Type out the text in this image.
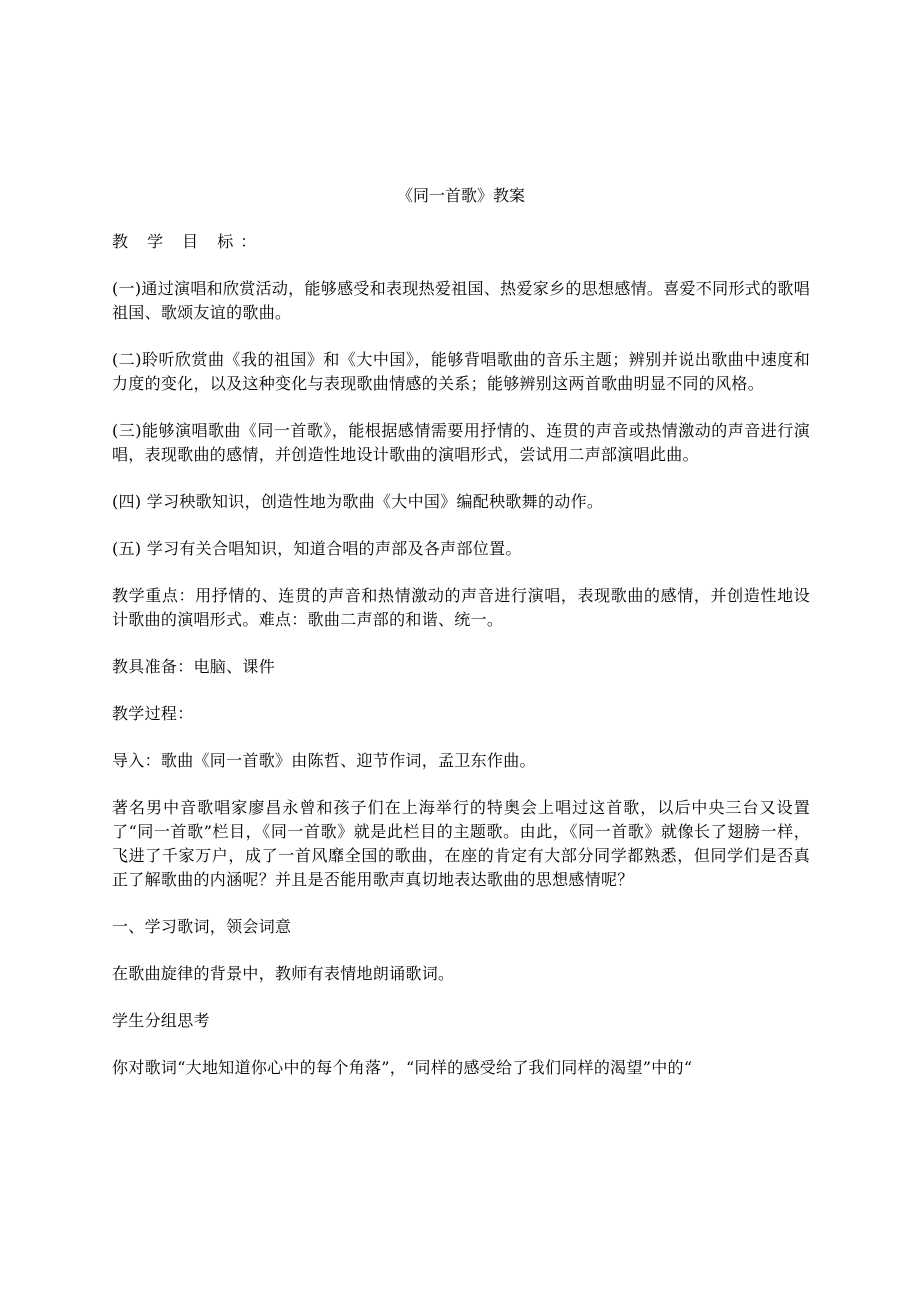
《同一首歌》教案

教 学 目 标：

(一)通过演唱和欣赏活动，能够感受和表现热爱祖国、热爱家乡的思想感情。喜爱不同形式的歌唱祖国、歌颂友谊的歌曲。

(二)聆听欣赏曲《我的祖国》和《大中国》，能够背唱歌曲的音乐主题；辨别并说出歌曲中速度和力度的变化，以及这种变化与表现歌曲情感的关系；能够辨别这两首歌曲明显不同的风格。

(三)能够演唱歌曲《同一首歌》，能根据感情需要用抒情的、连贯的声音或热情激动的声音进行演唱，表现歌曲的感情，并创造性地设计歌曲的演唱形式，尝试用二声部演唱此曲。

(四) 学习秧歌知识，创造性地为歌曲《大中国》编配秧歌舞的动作。

(五) 学习有关合唱知识，知道合唱的声部及各声部位置。

教学重点：用抒情的、连贯的声音和热情激动的声音进行演唱，表现歌曲的感情，并创造性地设计歌曲的演唱形式。难点：歌曲二声部的和谐、统一。

教具准备：电脑、课件

教学过程：

导入：歌曲《同一首歌》由陈哲、迎节作词，孟卫东作曲。

著名男中音歌唱家廖昌永曾和孩子们在上海举行的特奥会上唱过这首歌，以后中央三台又设置了“同一首歌”栏目，《同一首歌》就是此栏目的主题歌。由此，《同一首歌》就像长了翅膀一样，飞进了千家万户，成了一首风靡全国的歌曲，在座的肯定有大部分同学都熟悉，但同学们是否真正了解歌曲的内涵呢？并且是否能用歌声真切地表达歌曲的思想感情呢？

一、学习歌词，领会词意

在歌曲旋律的背景中，教师有表情地朗诵歌词。

学生分组思考

你对歌词“大地知道你心中的每个角落”，“同样的感受给了我们同样的渴望”中的“
